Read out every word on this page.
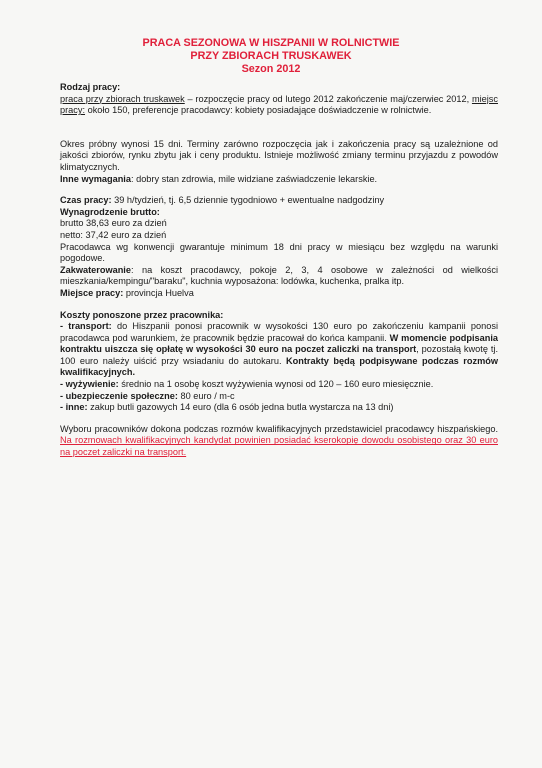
PRACA SEZONOWA W HISZPANII W ROLNICTWIE
PRZY ZBIORACH TRUSKAWEK
Sezon 2012

Rodzaj pracy:

praca przy zbiorach truskawek – rozpoczęcie pracy od lutego 2012 zakończenie maj/czerwiec 2012, miejsc pracy: około 150, preferencje pracodawcy: kobiety posiadające doświadczenie w rolnictwie.

Okres próbny wynosi 15 dni. Terminy zarówno rozpoczęcia jak i zakończenia pracy są uzależnione od jakości zbiorów, rynku zbytu jak i ceny produktu. Istnieje możliwość zmiany terminu przyjazdu z powodów klimatycznych.

Inne wymagania: dobry stan zdrowia, mile widziane zaświadczenie lekarskie.

Czas pracy: 39 h/tydzień, tj. 6,5 dziennie tygodniowo + ewentualne nadgodziny

Wynagrodzenie brutto:

brutto 38,63 euro za dzień

netto: 37,42 euro za dzień

Pracodawca wg konwencji gwarantuje minimum 18 dni pracy w miesiącu bez względu na warunki pogodowe.

Zakwaterowanie: na koszt pracodawcy, pokoje 2, 3, 4 osobowe w zależności od wielkości mieszkania/kempingu/"baraku", kuchnia wyposażona: lodówka, kuchenka, pralka itp.

Miejsce pracy: provincja Huelva

Koszty ponoszone przez pracownika:

- transport: do Hiszpanii ponosi pracownik w wysokości 130 euro po zakończeniu kampanii ponosi pracodawca pod warunkiem, że pracownik będzie pracował do końca kampanii. W momencie podpisania kontraktu uiszcza się opłatę w wysokości 30 euro na poczet zaliczki na transport, pozostałą kwotę tj. 100 euro należy uiścić przy wsiadaniu do autokaru. Kontrakty będą podpisywane podczas rozmów kwalifikacyjnych.

- wyżywienie: średnio na 1 osobę koszt wyżywienia wynosi od 120 – 160 euro miesięcznie.

- ubezpieczenie społeczne: 80 euro / m-c

- inne: zakup butli gazowych 14 euro (dla 6 osób jedna butla wystarcza na 13 dni)

Wyboru pracowników dokona podczas rozmów kwalifikacyjnych przedstawiciel pracodawcy hiszpańskiego. Na rozmowach kwalifikacyjnych kandydat powinien posiadać kserokopię dowodu osobistego oraz 30 euro na poczet zaliczki na transport.
